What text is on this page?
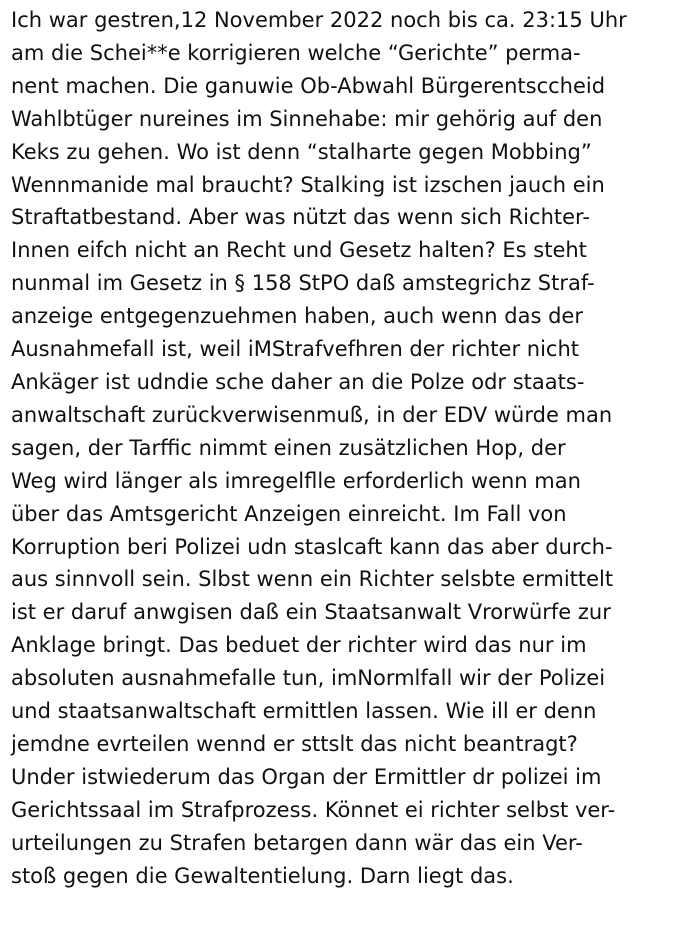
Ich war gestren,12 November 2022 noch bis ca. 23:15 Uhr
am die Schei**e korrigieren welche “Gerichte” perma-
nent machen. Die ganuwie Ob-Abwahl Bürgerentsccheid
Wahlbtüger nureines im Sinnehabe: mir gehörig auf den
Keks zu gehen. Wo ist denn “stalharte gegen Mobbing”
Wennmanide mal braucht? Stalking ist izschen jauch ein
Straftatbestand. Aber was nützt das wenn sich Richter-
Innen eifch nicht an Recht und Gesetz halten? Es steht
nunmal im Gesetz in § 158 StPO daß amstegrichz Straf-
anzeige entgegenzuehmen haben, auch wenn das der
Ausnahmefall ist, weil iMStrafvefhren der richter nicht
Ankäger ist udndie sche daher an die Polze odr staats-
anwaltschaft zurückverwisenmuß, in der EDV würde man
sagen, der Tarffic nimmt einen zusätzlichen Hop, der
Weg wird länger als imregelflle erforderlich wenn man
über das Amtsgericht Anzeigen einreicht. Im Fall von
Korruption beri Polizei udn staslcaft kann das aber durch-
aus sinnvoll sein. Slbst wenn ein Richter selsbte ermittelt
ist er daruf anwgisen daß ein Staatsanwalt Vrorwürfe zur
Anklage bringt. Das beduet der richter wird das nur im
absoluten ausnahmefalle tun, imNormlfall wir der Polizei
und staatsanwaltschaft ermittlen lassen. Wie ill er denn
jemdne evrteilen wennd er sttslt das nicht beantragt?
Under istwiederum das Organ der Ermittler dr polizei im
Gerichtssaal im Strafprozess. Könnet ei richter selbst ver-
urteilungen zu Strafen betargen dann wär das ein Ver-
stoß gegen die Gewaltentielung. Darn liegt das.
